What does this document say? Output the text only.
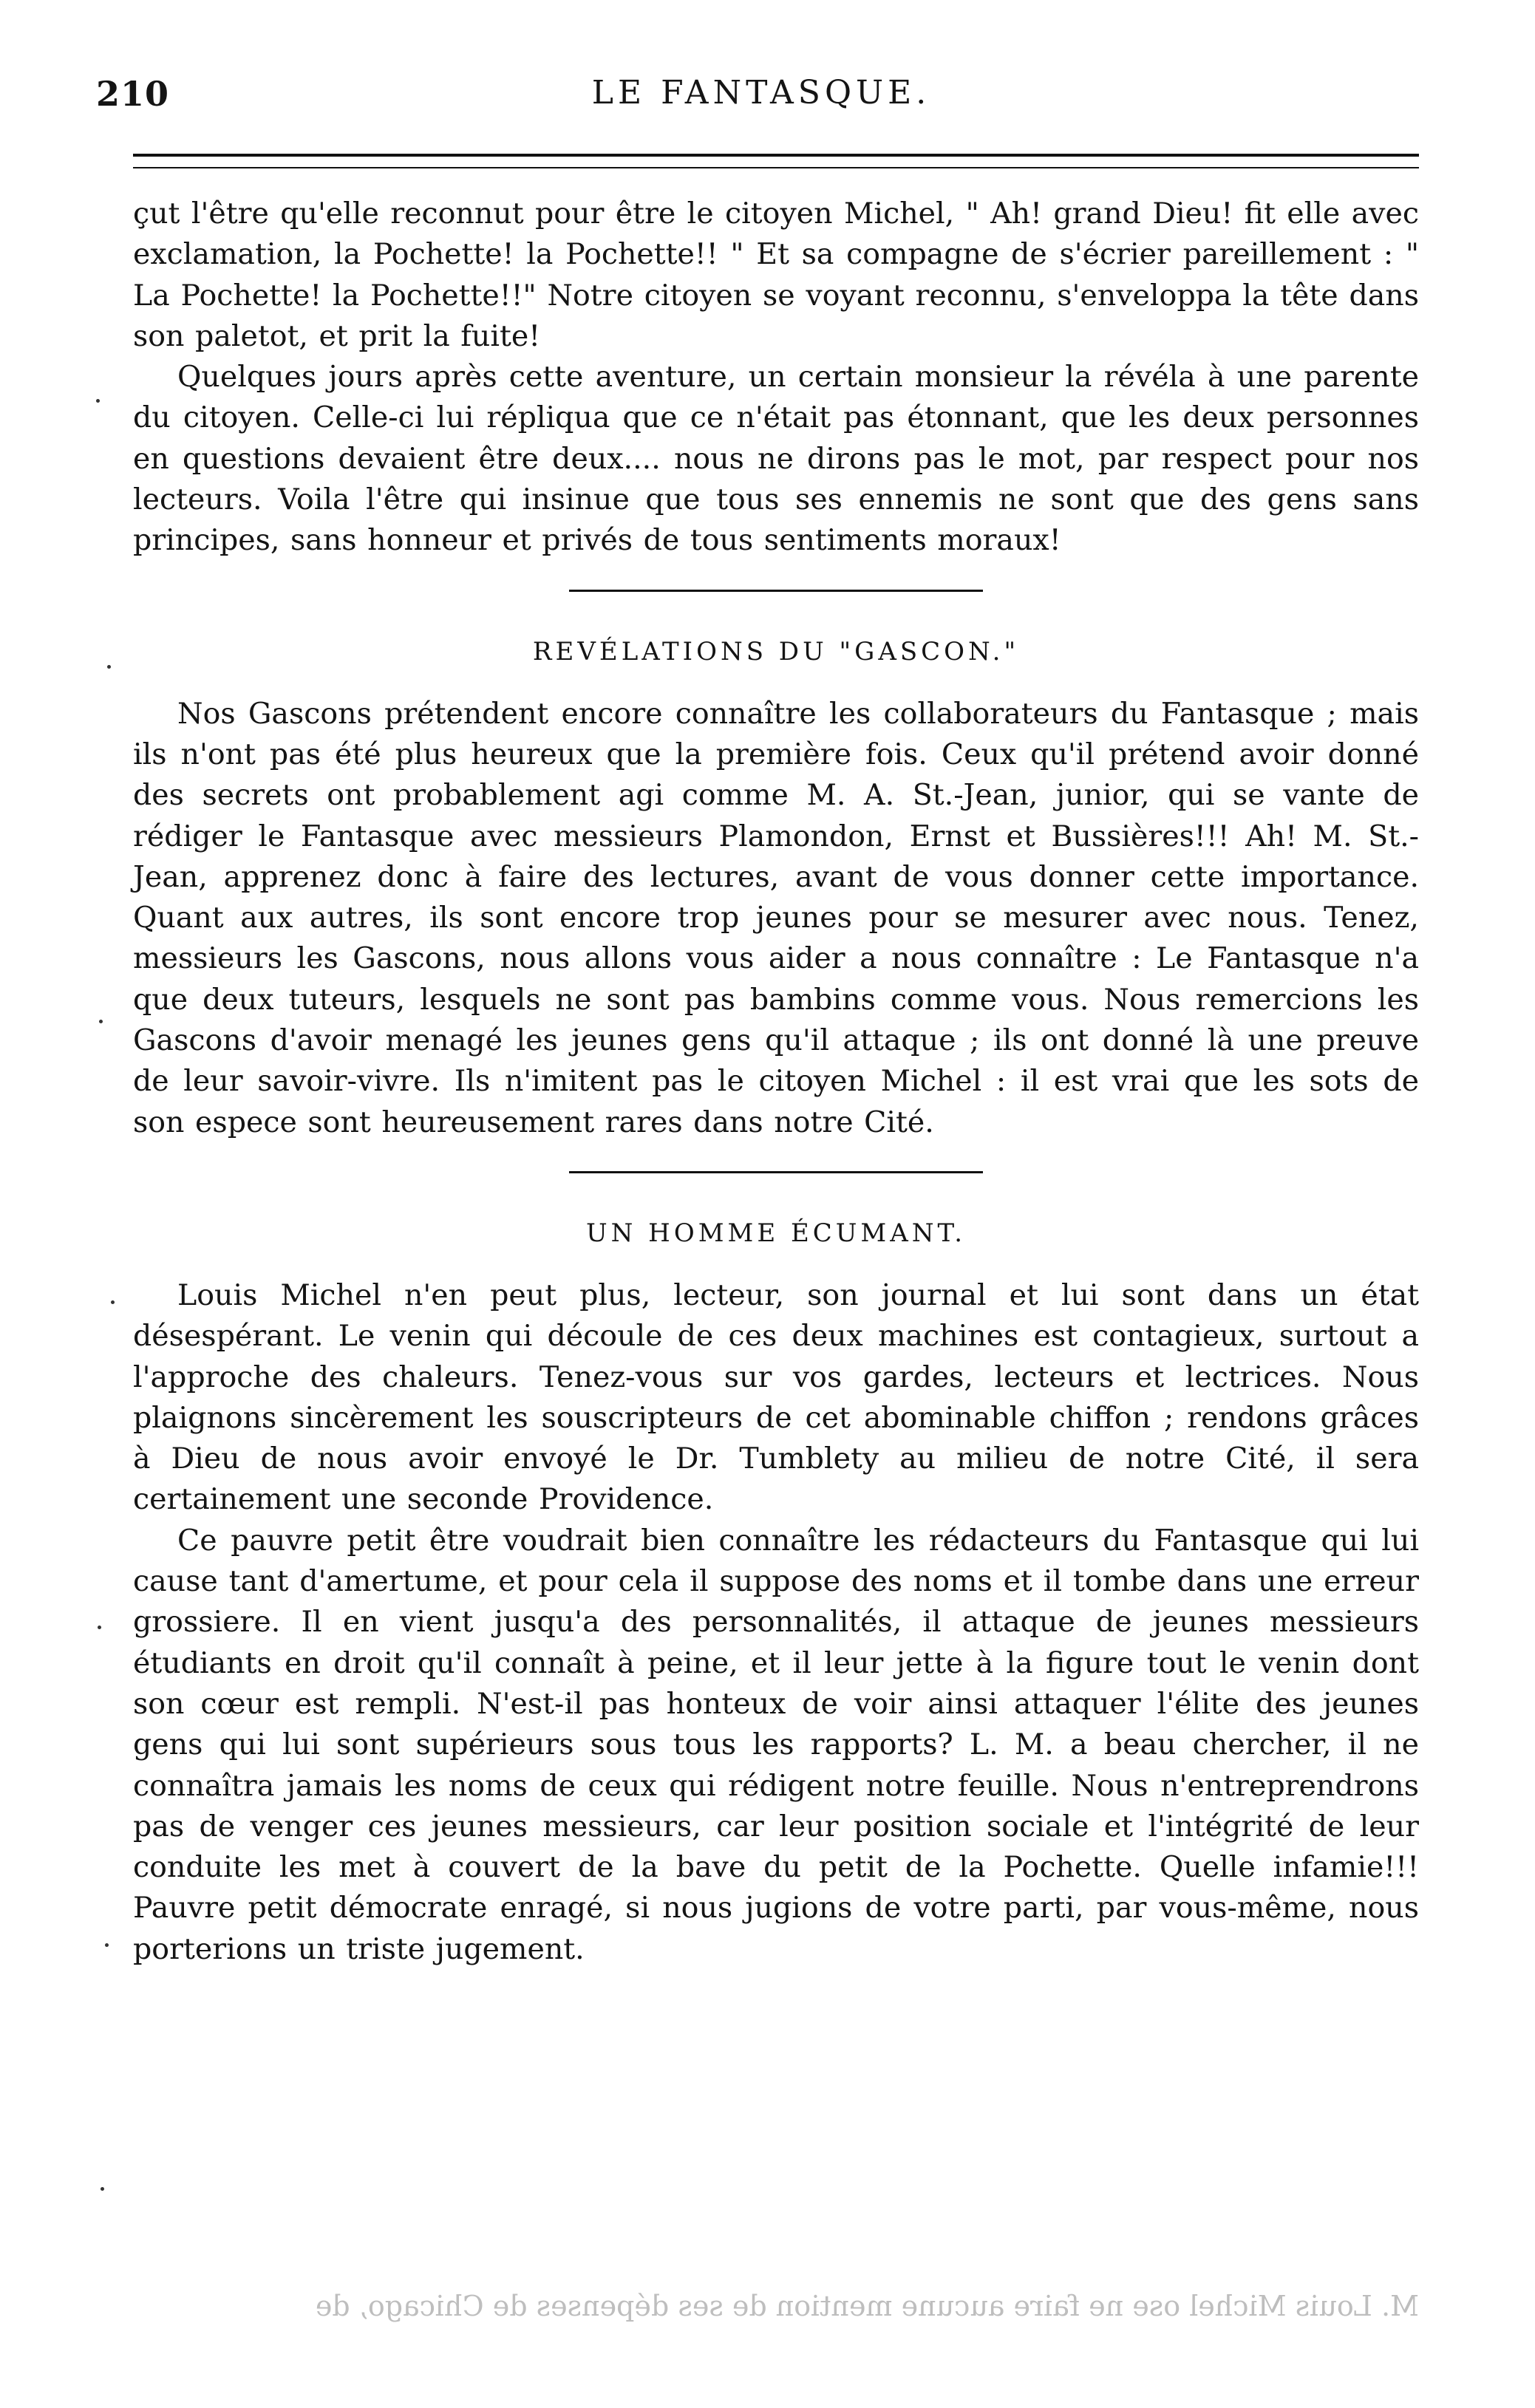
210	LE FANTASQUE.

çut l'être qu'elle reconnut pour être le citoyen Michel, " Ah! grand Dieu! fit elle avec exclamation, la Pochette! la Pochette!! " Et sa compagne de s'écrier pareillement : " La Pochette! la Pochette!!" Notre citoyen se voyant reconnu, s'enveloppa la tête dans son paletot, et prit la fuite!

Quelques jours après cette aventure, un certain monsieur la révéla à une parente du citoyen. Celle-ci lui répliqua que ce n'était pas étonnant, que les deux personnes en questions devaient être deux.... nous ne dirons pas le mot, par respect pour nos lecteurs. Voila l'être qui insinue que tous ses ennemis ne sont que des gens sans principes, sans honneur et privés de tous sentiments moraux!

REVÉLATIONS DU "GASCON."

Nos Gascons prétendent encore connaître les collaborateurs du Fantasque ; mais ils n'ont pas été plus heureux que la première fois. Ceux qu'il prétend avoir donné des secrets ont probablement agi comme M. A. St.-Jean, junior, qui se vante de rédiger le Fantasque avec messieurs Plamondon, Ernst et Bussières!!! Ah! M. St.-Jean, apprenez donc à faire des lectures, avant de vous donner cette importance. Quant aux autres, ils sont encore trop jeunes pour se mesurer avec nous. Tenez, messieurs les Gascons, nous allons vous aider a nous connaître : Le Fantasque n'a que deux tuteurs, lesquels ne sont pas bambins comme vous. Nous remercions les Gascons d'avoir menagé les jeunes gens qu'il attaque ; ils ont donné là une preuve de leur savoir-vivre. Ils n'imitent pas le citoyen Michel : il est vrai que les sots de son espece sont heureusement rares dans notre Cité.

UN HOMME ÉCUMANT.

Louis Michel n'en peut plus, lecteur, son journal et lui sont dans un état désespérant. Le venin qui découle de ces deux machines est contagieux, surtout a l'approche des chaleurs. Tenez-vous sur vos gardes, lecteurs et lectrices. Nous plaignons sincèrement les souscripteurs de cet abominable chiffon ; rendons grâces à Dieu de nous avoir envoyé le Dr. Tumblety au milieu de notre Cité, il sera certainement une seconde Providence.

Ce pauvre petit être voudrait bien connaître les rédacteurs du Fantasque qui lui cause tant d'amertume, et pour cela il suppose des noms et il tombe dans une erreur grossiere. Il en vient jusqu'a des personnalités, il attaque de jeunes messieurs étudiants en droit qu'il connaît à peine, et il leur jette à la figure tout le venin dont son cœur est rempli. N'est-il pas honteux de voir ainsi attaquer l'élite des jeunes gens qui lui sont supérieurs sous tous les rapports? L. M. a beau chercher, il ne connaîtra jamais les noms de ceux qui rédigent notre feuille. Nous n'entreprendrons pas de venger ces jeunes messieurs, car leur position sociale et l'intégrité de leur conduite les met à couvert de la bave du petit de la Pochette. Quelle infamie!!! Pauvre petit démocrate enragé, si nous jugions de votre parti, par vous-même, nous porterions un triste jugement.

M. Louis Michel ose ne faire aucune mention de ses dépenses de Chicago, de
